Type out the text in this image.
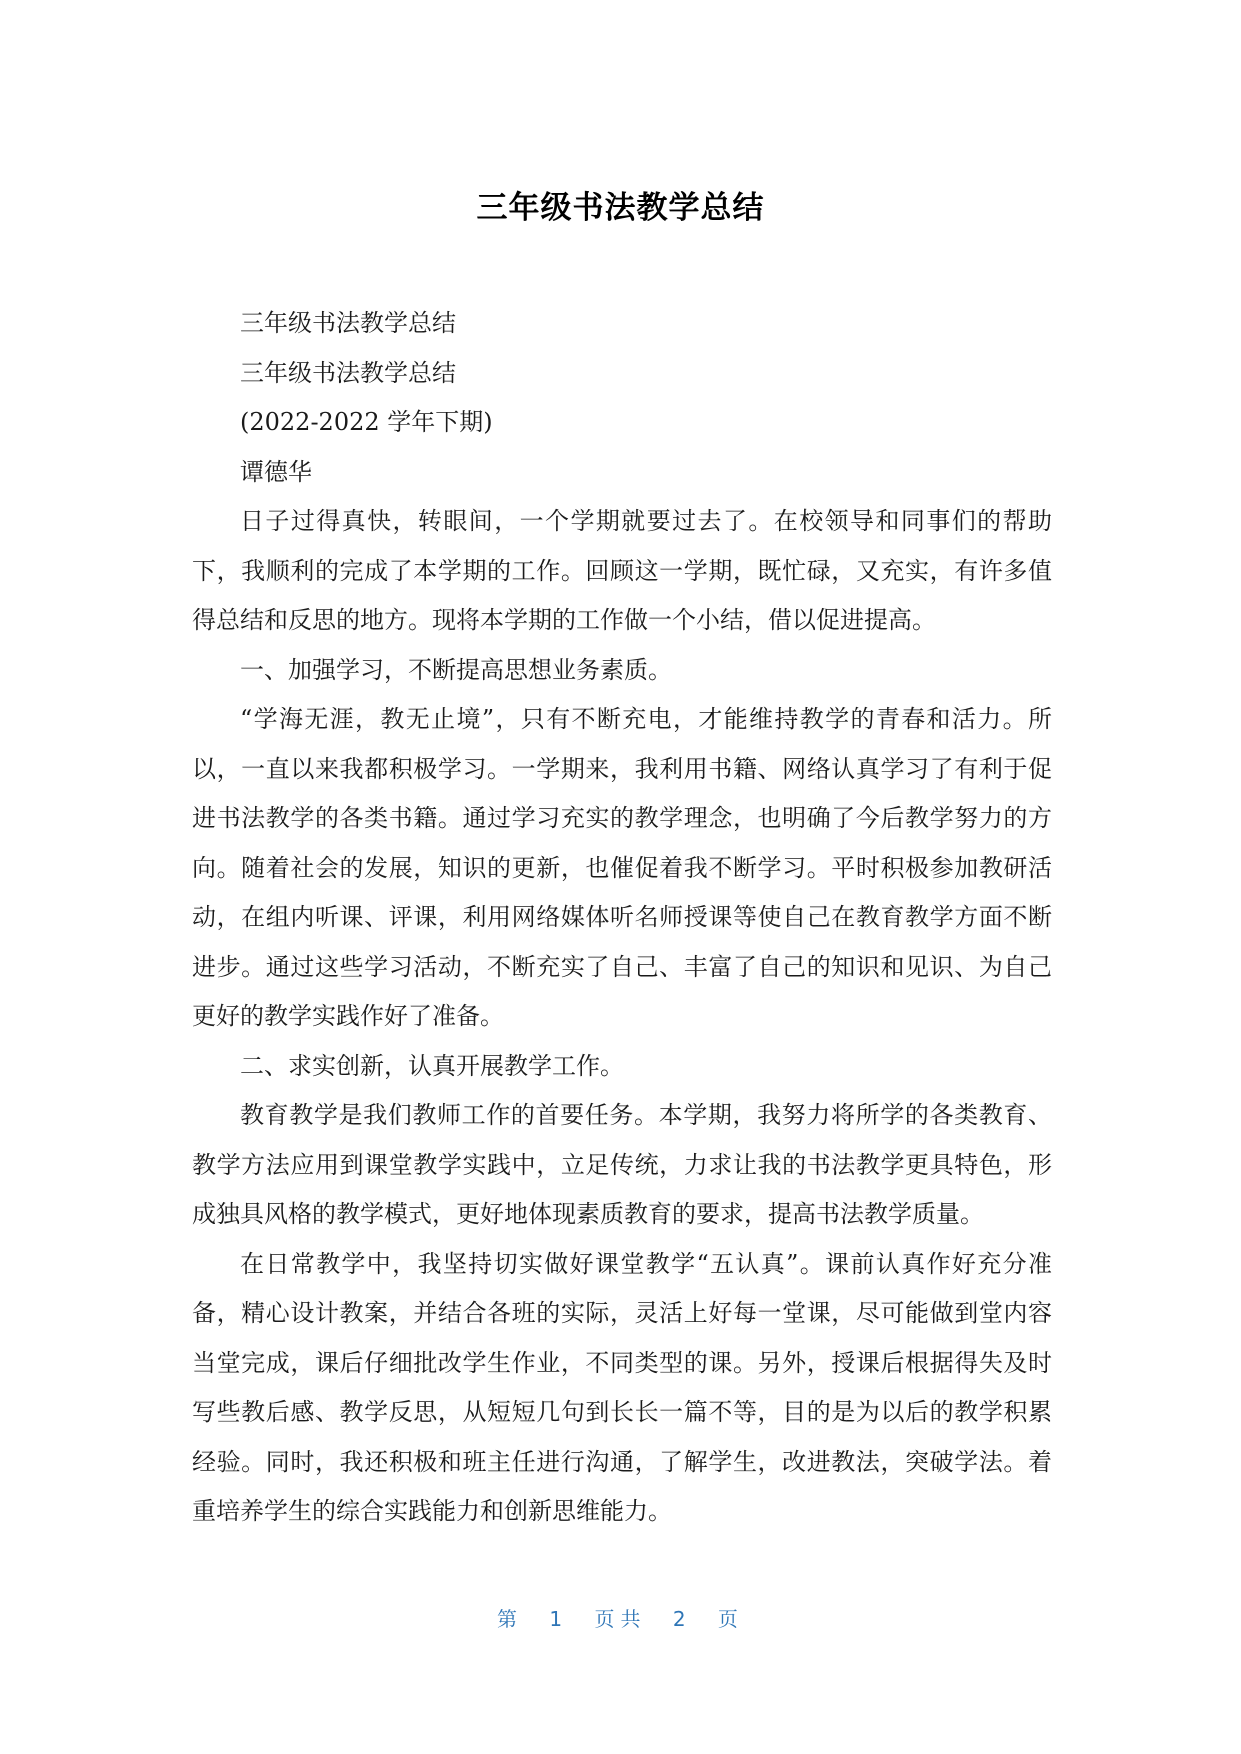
三年级书法教学总结

三年级书法教学总结

三年级书法教学总结

(2022-2022 学年下期)

谭德华

日子过得真快，转眼间，一个学期就要过去了。在校领导和同事们的帮助下，我顺利的完成了本学期的工作。回顾这一学期，既忙碌，又充实，有许多值得总结和反思的地方。现将本学期的工作做一个小结，借以促进提高。

一、加强学习，不断提高思想业务素质。

“学海无涯，教无止境”，只有不断充电，才能维持教学的青春和活力。所以，一直以来我都积极学习。一学期来，我利用书籍、网络认真学习了有利于促进书法教学的各类书籍。通过学习充实的教学理念，也明确了今后教学努力的方向。随着社会的发展，知识的更新，也催促着我不断学习。平时积极参加教研活动，在组内听课、评课，利用网络媒体听名师授课等使自己在教育教学方面不断进步。通过这些学习活动，不断充实了自己、丰富了自己的知识和见识、为自己更好的教学实践作好了准备。

二、求实创新，认真开展教学工作。

教育教学是我们教师工作的首要任务。本学期，我努力将所学的各类教育、教学方法应用到课堂教学实践中，立足传统，力求让我的书法教学更具特色，形成独具风格的教学模式，更好地体现素质教育的要求，提高书法教学质量。

在日常教学中，我坚持切实做好课堂教学“五认真”。课前认真作好充分准备，精心设计教案，并结合各班的实际，灵活上好每一堂课，尽可能做到堂内容当堂完成，课后仔细批改学生作业，不同类型的课。另外，授课后根据得失及时写些教后感、教学反思，从短短几句到长长一篇不等，目的是为以后的教学积累经验。同时，我还积极和班主任进行沟通，了解学生，改进教法，突破学法。着重培养学生的综合实践能力和创新思维能力。

第 1 页共 2 页
